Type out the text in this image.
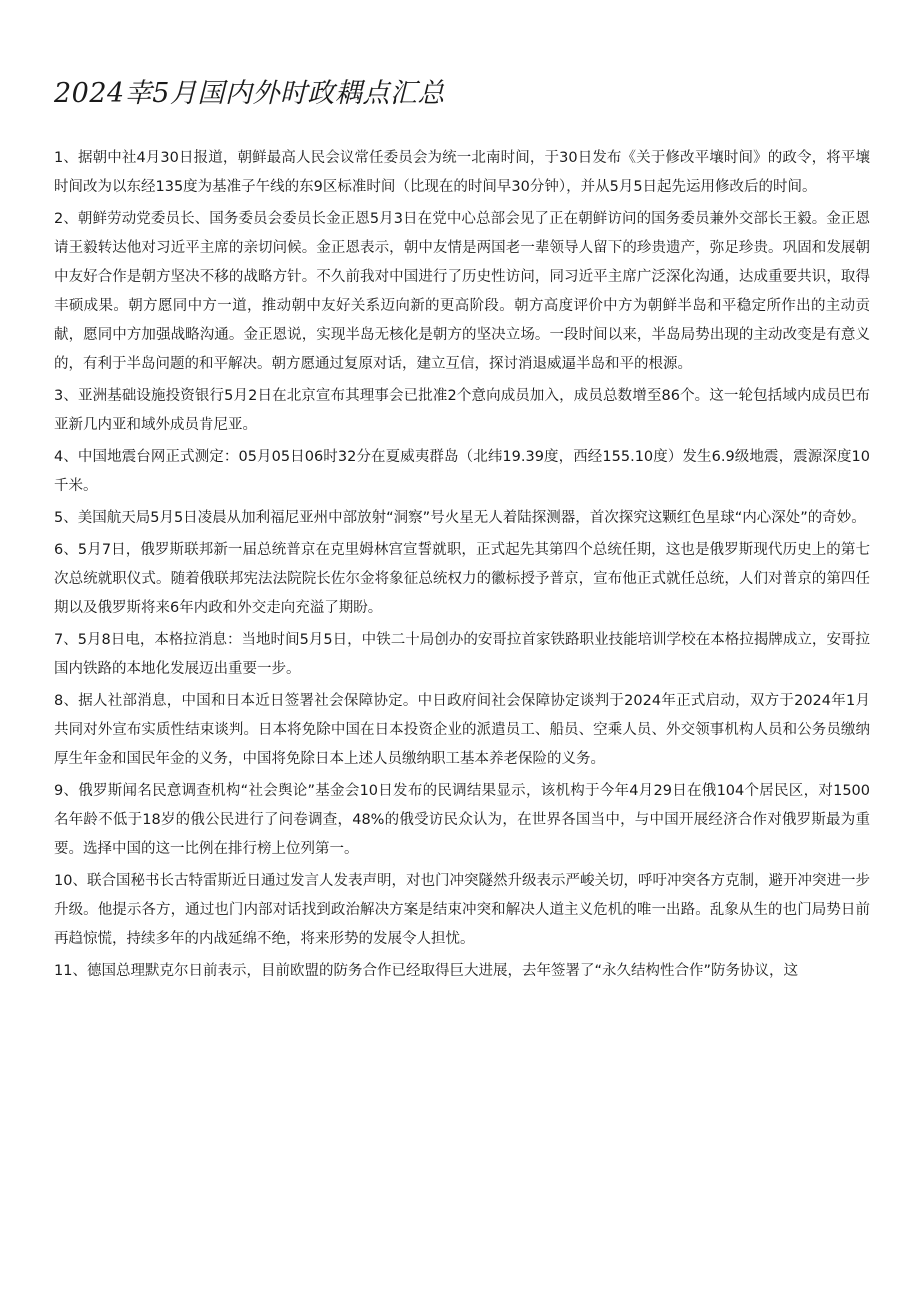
2024幸5月国内外时政耦点汇总

1、据朝中社4月30日报道，朝鲜最高人民会议常任委员会为统一北南时间，于30日发布《关于修改平壤时间》的政令，将平壤时间改为以东经135度为基准子午线的东9区标准时间（比现在的时间早30分钟），并从5月5日起先运用修改后的时间。

2、朝鲜劳动党委员长、国务委员会委员长金正恩5月3日在党中心总部会见了正在朝鲜访问的国务委员兼外交部长王毅。金正恩请王毅转达他对习近平主席的亲切问候。金正恩表示，朝中友情是两国老一辈领导人留下的珍贵遗产，弥足珍贵。巩固和发展朝中友好合作是朝方坚决不移的战略方针。不久前我对中国进行了历史性访问，同习近平主席广泛深化沟通，达成重要共识，取得丰硕成果。朝方愿同中方一道，推动朝中友好关系迈向新的更高阶段。朝方高度评价中方为朝鲜半岛和平稳定所作出的主动贡献，愿同中方加强战略沟通。金正恩说，实现半岛无核化是朝方的坚决立场。一段时间以来，半岛局势出现的主动改变是有意义的，有利于半岛问题的和平解决。朝方愿通过复原对话，建立互信，探讨消退威逼半岛和平的根源。

3、亚洲基础设施投资银行5月2日在北京宣布其理事会已批准2个意向成员加入，成员总数增至86个。这一轮包括域内成员巴布亚新几内亚和域外成员肯尼亚。

4、中国地震台网正式测定：05月05日06时32分在夏威夷群岛（北纬19.39度，西经155.10度）发生6.9级地震，震源深度10千米。

5、美国航天局5月5日凌晨从加利福尼亚州中部放射“洞察”号火星无人着陆探测器，首次探究这颗红色星球“内心深处”的奇妙。

6、5月7日，俄罗斯联邦新一届总统普京在克里姆林宫宣誓就职，正式起先其第四个总统任期，这也是俄罗斯现代历史上的第七次总统就职仪式。随着俄联邦宪法法院院长佐尔金将象征总统权力的徽标授予普京，宣布他正式就任总统，人们对普京的第四任期以及俄罗斯将来6年内政和外交走向充溢了期盼。

7、5月8日电，本格拉消息：当地时间5月5日，中铁二十局创办的安哥拉首家铁路职业技能培训学校在本格拉揭牌成立，安哥拉国内铁路的本地化发展迈出重要一步。

8、据人社部消息，中国和日本近日签署社会保障协定。中日政府间社会保障协定谈判于2024年正式启动，双方于2024年1月共同对外宣布实质性结束谈判。日本将免除中国在日本投资企业的派遣员工、船员、空乘人员、外交领事机构人员和公务员缴纳厚生年金和国民年金的义务，中国将免除日本上述人员缴纳职工基本养老保险的义务。

9、俄罗斯闻名民意调查机构“社会舆论”基金会10日发布的民调结果显示，该机构于今年4月29日在俄104个居民区，对1500名年龄不低于18岁的俄公民进行了问卷调查，48%的俄受访民众认为，在世界各国当中，与中国开展经济合作对俄罗斯最为重要。选择中国的这一比例在排行榜上位列第一。

10、联合国秘书长古特雷斯近日通过发言人发表声明，对也门冲突隧然升级表示严峻关切，呼吁冲突各方克制，避开冲突进一步升级。他提示各方，通过也门内部对话找到政治解决方案是结束冲突和解决人道主义危机的唯一出路。乱象从生的也门局势日前再趋惊慌，持续多年的内战延绵不绝，将来形势的发展令人担忧。

11、德国总理默克尔日前表示，目前欧盟的防务合作已经取得巨大进展，去年签署了“永久结构性合作”防务协议，这
